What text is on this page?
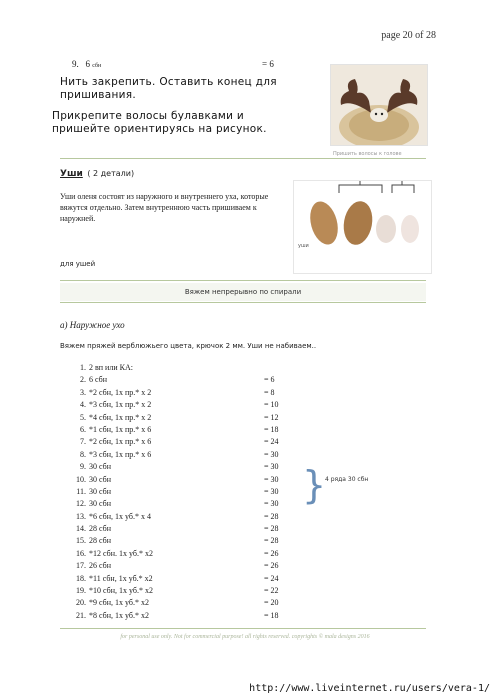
page 20 of 28
9. 6 сбн	= 6
Нить закрепить. Оставить конец для
пришивания.
Прикрепите волосы булавками и
пришейте ориентируясь на рисунок.
Пришить волосы к голове
Уши ( 2 детали)
Уши оленя состоят из наружного и внутреннего уха, которые вяжутся отдельно. Затем внутреннюю часть пришиваем к наружней.
уши
для ушей
Вяжем непрерывно по спирали
а) Наружное ухо
Вяжем пряжей верблюжьего цвета, крючок 2 мм. Уши не набиваем..
1. 2 вп или КА:
2. 6 сбн	= 6
3. *2 сбн, 1х пр.* х 2	= 8
4. *3 сбн, 1х пр.* х 2	= 10
5. *4 сбн, 1х пр.* х 2	= 12
6. *1 сбн, 1х пр.* х 6	= 18
7. *2 сбн, 1х пр.* х 6	= 24
8. *3 сбн, 1х пр.* х 6	= 30
9. 30 сбн	= 30
10. 30 сбн	= 30
11. 30 сбн	= 30
12. 30 сбн	= 30
13. *6 сбн, 1х уб.* х 4	= 28
14. 28 сбн	= 28
15. 28 сбн	= 28
16. *12 сбн. 1х уб.* х2	= 26
17. 26 сбн	= 26
18. *11 сбн, 1х уб.* х2	= 24
19. *10 сбн, 1х уб.* х2	= 22
20. *9 сбн, 1х уб.* х2	= 20
21. *8 сбн, 1х уб.* х2	= 18
}
4 ряда 30 сбн
for personal use only. Not for commercial purpose! all rights reserved. copyrights © mala designs 2016
http://www.liveinternet.ru/users/vera-1/
